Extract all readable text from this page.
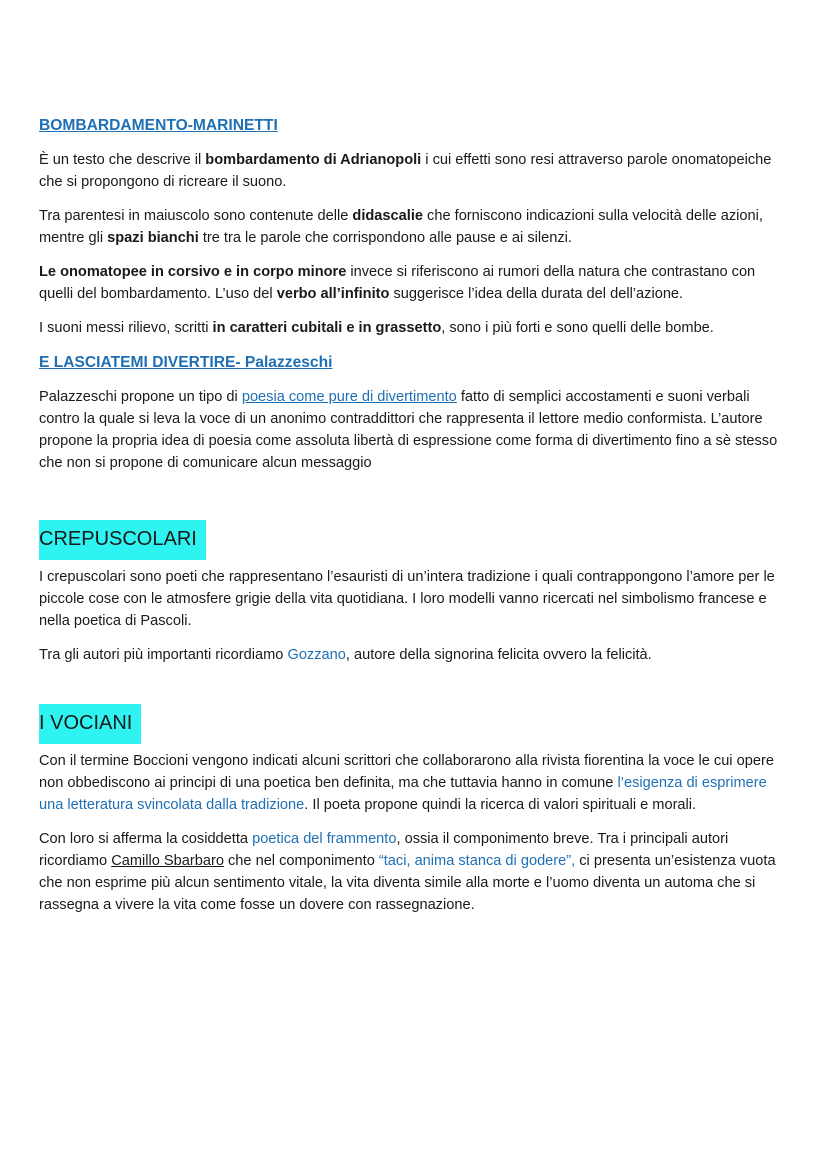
BOMBARDAMENTO-MARINETTI

È un testo che descrive il bombardamento di Adrianopoli i cui effetti sono resi attraverso parole onomatopeiche che si propongono di ricreare il suono.

Tra parentesi in maiuscolo sono contenute delle didascalie che forniscono indicazioni sulla velocità delle azioni, mentre gli spazi bianchi tre tra le parole che corrispondono alle pause e ai silenzi.

Le onomatopee in corsivo e in corpo minore invece si riferiscono ai rumori della natura che contrastano con quelli del bombardamento. L’uso del verbo all’infinito suggerisce l’idea della durata del dell’azione.

I suoni messi rilievo, scritti in caratteri cubitali e in grassetto, sono i più forti e sono quelli delle bombe.

E LASCIATEMI DIVERTIRE- Palazzeschi

Palazzeschi propone un tipo di poesia come pure di divertimento fatto di semplici accostamenti e suoni verbali contro la quale si leva la voce di un anonimo contraddittori che rappresenta il lettore medio conformista. L’autore propone la propria idea di poesia come assoluta libertà di espressione come forma di divertimento fino a sè stesso che non si propone di comunicare alcun messaggio

CREPUSCOLARI

I crepuscolari sono poeti che rappresentano l’esauristi di un’intera tradizione i quali contrappongono l’amore per le piccole cose con le atmosfere grigie della vita quotidiana. I loro modelli vanno ricercati nel simbolismo francese e nella poetica di Pascoli.

Tra gli autori più importanti ricordiamo Gozzano, autore della signorina felicita ovvero la felicità.

I VOCIANI

Con il termine Boccioni vengono indicati alcuni scrittori che collaborarono alla rivista fiorentina la voce le cui opere non obbediscono ai principi di una poetica ben definita, ma che tuttavia hanno in comune l’esigenza di esprimere una letteratura svincolata dalla tradizione. Il poeta propone quindi la ricerca di valori spirituali e morali.

Con loro si afferma la cosiddetta poetica del frammento, ossia il componimento breve. Tra i principali autori ricordiamo Camillo Sbarbaro che nel componimento “taci, anima stanca di godere”, ci presenta un’esistenza vuota che non esprime più alcun sentimento vitale, la vita diventa simile alla morte e l’uomo diventa un automa che si rassegna a vivere la vita come fosse un dovere con rassegnazione.
